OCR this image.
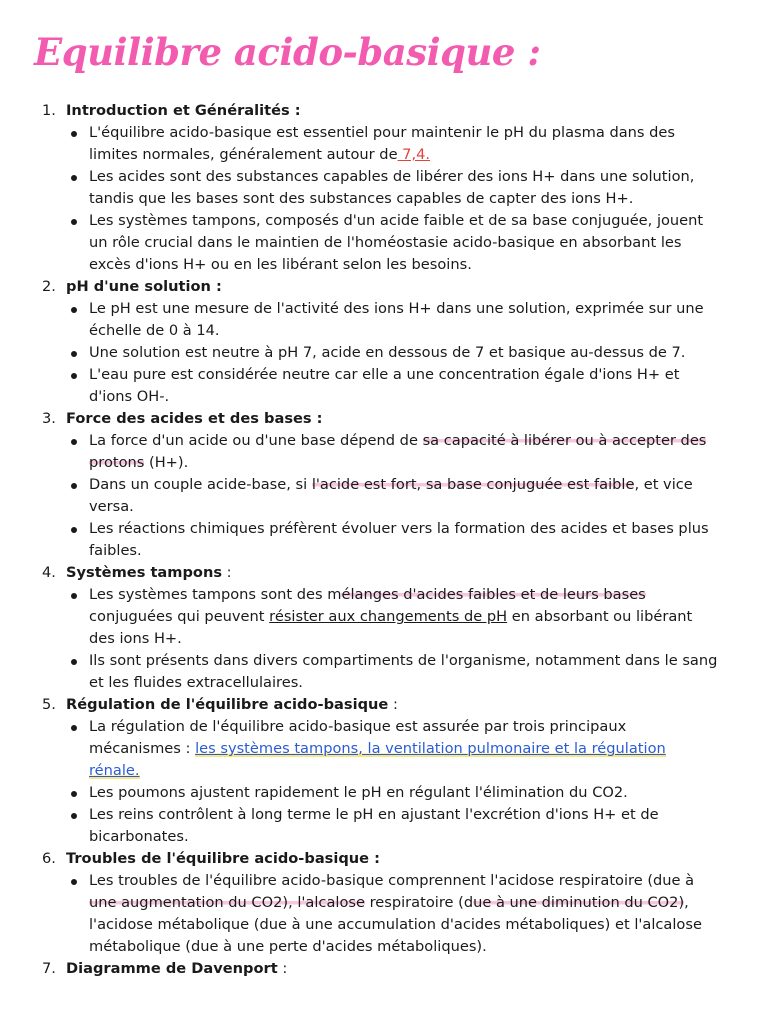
Equilibre acido-basique :
1. Introduction et Généralités :
L'équilibre acido-basique est essentiel pour maintenir le pH du plasma dans des limites normales, généralement autour de 7,4.
Les acides sont des substances capables de libérer des ions H+ dans une solution, tandis que les bases sont des substances capables de capter des ions H+.
Les systèmes tampons, composés d'un acide faible et de sa base conjuguée, jouent un rôle crucial dans le maintien de l'homéostasie acido-basique en absorbant les excès d'ions H+ ou en les libérant selon les besoins.
2. pH d'une solution :
Le pH est une mesure de l'activité des ions H+ dans une solution, exprimée sur une échelle de 0 à 14.
Une solution est neutre à pH 7, acide en dessous de 7 et basique au-dessus de 7.
L'eau pure est considérée neutre car elle a une concentration égale d'ions H+ et d'ions OH-.
3. Force des acides et des bases :
La force d'un acide ou d'une base dépend de sa capacité à libérer ou à accepter des protons (H+).
Dans un couple acide-base, si l'acide est fort, sa base conjuguée est faible, et vice versa.
Les réactions chimiques préfèrent évoluer vers la formation des acides et bases plus faibles.
4. Systèmes tampons :
Les systèmes tampons sont des mélanges d'acides faibles et de leurs bases conjuguées qui peuvent résister aux changements de pH en absorbant ou libérant des ions H+.
Ils sont présents dans divers compartiments de l'organisme, notamment dans le sang et les fluides extracellulaires.
5. Régulation de l'équilibre acido-basique :
La régulation de l'équilibre acido-basique est assurée par trois principaux mécanismes : les systèmes tampons, la ventilation pulmonaire et la régulation rénale.
Les poumons ajustent rapidement le pH en régulant l'élimination du CO2.
Les reins contrôlent à long terme le pH en ajustant l'excrétion d'ions H+ et de bicarbonates.
6. Troubles de l'équilibre acido-basique :
Les troubles de l'équilibre acido-basique comprennent l'acidose respiratoire (due à une augmentation du CO2), l'alcalose respiratoire (due à une diminution du CO2), l'acidose métabolique (due à une accumulation d'acides métaboliques) et l'alcalose métabolique (due à une perte d'acides métaboliques).
7. Diagramme de Davenport :
